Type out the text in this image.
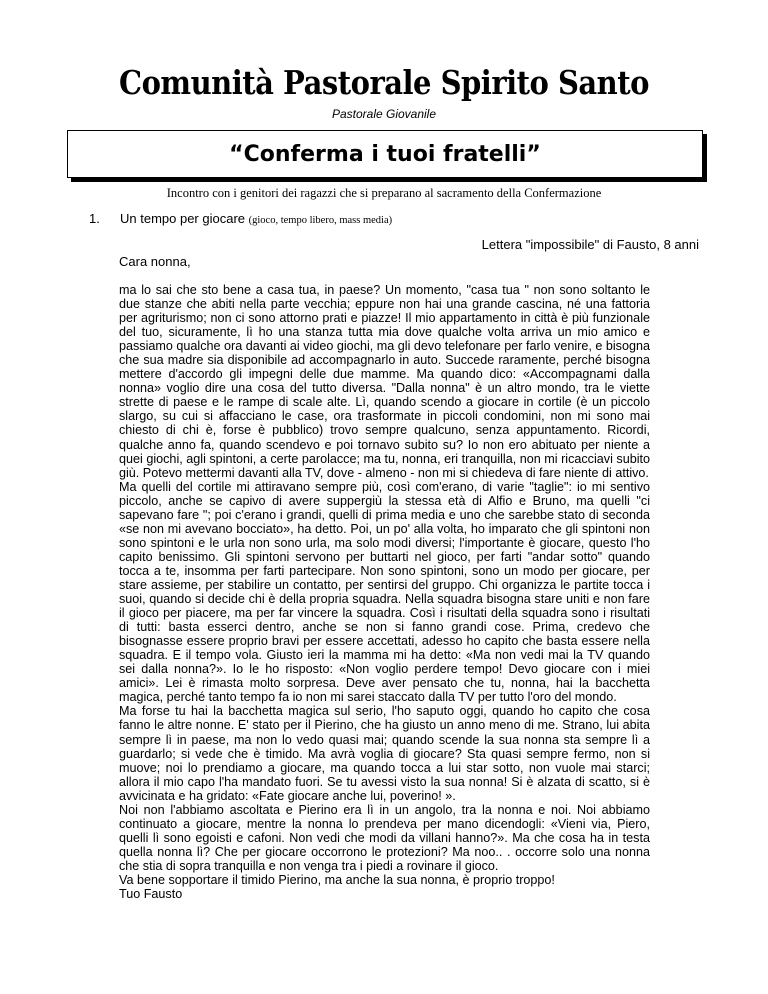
Comunità Pastorale Spirito Santo
Pastorale Giovanile
“Conferma i tuoi fratelli”
Incontro con i genitori dei ragazzi che si preparano al sacramento della Confermazione
1. Un tempo per giocare (gioco, tempo libero, mass media)
Lettera "impossibile" di Fausto, 8 anni
Cara nonna,

ma lo sai che sto bene a casa tua, in paese? Un momento, "casa tua " non sono soltanto le due stanze che abiti nella parte vecchia; eppure non hai una grande cascina, né una fattoria per agriturismo; non ci sono attorno prati e piazze! Il mio appartamento in città è più funzionale del tuo, sicuramente, lì ho una stanza tutta mia dove qualche volta arriva un mio amico e passiamo qualche ora davanti ai video giochi, ma gli devo telefonare per farlo venire, e bisogna che sua madre sia disponibile ad accompagnarlo in auto. Succede raramente, perché bisogna mettere d'accordo gli impegni delle due mamme. Ma quando dico: «Accompagnami dalla nonna» voglio dire una cosa del tutto diversa. "Dalla nonna" è un altro mondo, tra le viette strette di paese e le rampe di scale alte. Lì, quando scendo a giocare in cortile (è un piccolo slargo, su cui si affacciano le case, ora trasformate in piccoli condomini, non mi sono mai chiesto di chi è, forse è pubblico) trovo sempre qualcuno, senza appuntamento. Ricordi, qualche anno fa, quando scendevo e poi tornavo subito su? Io non ero abituato per niente a quei giochi, agli spintoni, a certe parolacce; ma tu, nonna, eri tranquilla, non mi ricacciavi subito giù. Potevo mettermi davanti alla TV, dove - almeno - non mi si chiedeva di fare niente di attivo.

Ma quelli del cortile mi attiravano sempre più, così com'erano, di varie "taglie": io mi sentivo piccolo, anche se capivo di avere suppergiù la stessa età di Alfio e Bruno, ma quelli "ci sapevano fare "; poi c'erano i grandi, quelli di prima media e uno che sarebbe stato di seconda «se non mi avevano bocciato», ha detto. Poi, un po' alla volta, ho imparato che gli spintoni non sono spintoni e le urla non sono urla, ma solo modi diversi; l'importante è giocare, questo l'ho capito benissimo. Gli spintoni servono per buttarti nel gioco, per farti "andar sotto" quando tocca a te, insomma per farti partecipare. Non sono spintoni, sono un modo per giocare, per stare assieme, per stabilire un contatto, per sentirsi del gruppo. Chi organizza le partite tocca i suoi, quando si decide chi è della propria squadra. Nella squadra bisogna stare uniti e non fare il gioco per piacere, ma per far vincere la squadra. Così i risultati della squadra sono i risultati di tutti: basta esserci dentro, anche se non si fanno grandi cose. Prima, credevo che bisognasse essere proprio bravi per essere accettati, adesso ho capito che basta essere nella squadra. E il tempo vola. Giusto ieri la mamma mi ha detto: «Ma non vedi mai la TV quando sei dalla nonna?». Io le ho risposto: «Non voglio perdere tempo! Devo giocare con i miei amici». Lei è rimasta molto sorpresa. Deve aver pensato che tu, nonna, hai la bacchetta magica, perché tanto tempo fa io non mi sarei staccato dalla TV per tutto l'oro del mondo.

Ma forse tu hai la bacchetta magica sul serio, l'ho saputo oggi, quando ho capito che cosa fanno le altre nonne. E' stato per il Pierino, che ha giusto un anno meno di me. Strano, lui abita sempre lì in paese, ma non lo vedo quasi mai; quando scende la sua nonna sta sempre lì a guardarlo; si vede che è timido. Ma avrà voglia di giocare? Sta quasi sempre fermo, non si muove; noi lo prendiamo a giocare, ma quando tocca a lui star sotto, non vuole mai starci; allora il mio capo l'ha mandato fuori. Se tu avessi visto la sua nonna! Si è alzata di scatto, si è avvicinata e ha gridato: «Fate giocare anche lui, poverino! ».

Noi non l'abbiamo ascoltata e Pierino era lì in un angolo, tra la nonna e noi. Noi abbiamo continuato a giocare, mentre la nonna lo prendeva per mano dicendogli: «Vieni via, Piero, quelli lì sono egoisti e cafoni. Non vedi che modi da villani hanno?». Ma che cosa ha in testa quella nonna lì? Che per giocare occorrono le protezioni? Ma noo.. . occorre solo una nonna che stia di sopra tranquilla e non venga tra i piedi a rovinare il gioco.

Va bene sopportare il timido Pierino, ma anche la sua nonna, è proprio troppo!

Tuo Fausto
